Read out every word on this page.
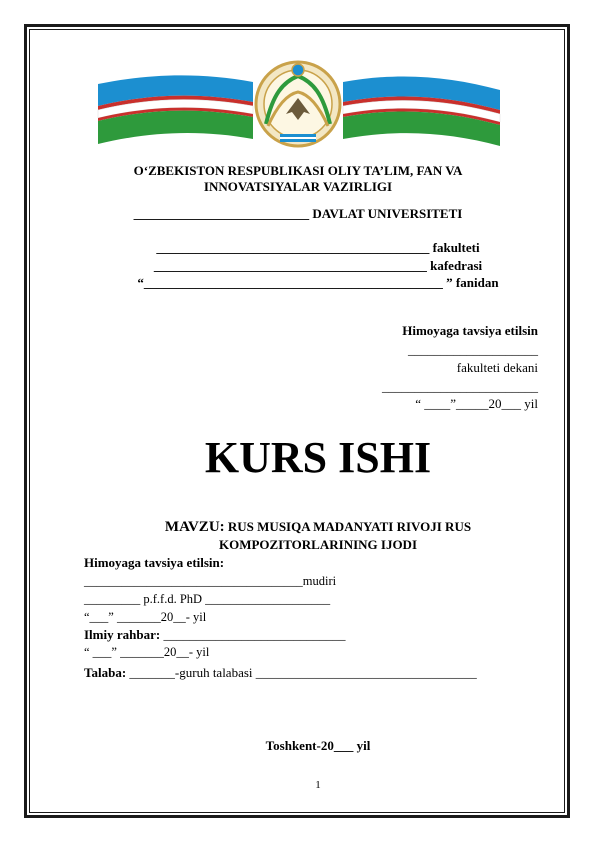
O‘ZBEKISTON RESPUBLIKASI OLIY TA’LIM, FAN VA
INNOVATSIYALAR VAZIRLIGI
___________________________ DAVLAT UNIVERSITETI
__________________________________________ fakulteti
__________________________________________ kafedrasi
“______________________________________________ ” fanidan
Himoyaga tavsiya etilsin
____________________
fakulteti dekani
________________________
“ ____”_____20___ yil
KURS ISHI
MAVZU: RUS MUSIQA MADANYATI RIVOJI RUS
KOMPOZITORLARINING IJODI
Himoyaga tavsiya etilsin:
___________________________________mudiri
_________ p.f.f.d. PhD ____________________
“___” _______20__- yil
Ilmiy rahbar: ____________________________
“ ___” _______20__- yil
Talaba: _______-guruh talabasi __________________________________
Toshkent-20___ yil
1
